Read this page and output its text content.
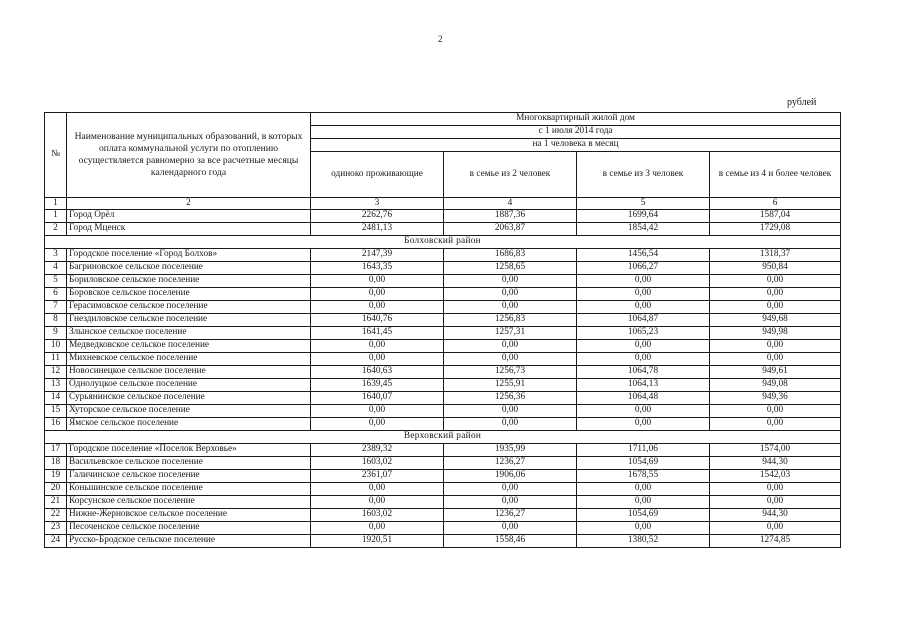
2
рублей
№	Наименование муниципальных образований, в которых оплата коммунальной услуги по отоплению осуществляется равномерно за все расчетные месяцы календарного года	Многоквартирный жилой дом			
		с 1 июля 2014 года			
		на 1 человека в месяц			
		одиноко проживающие	в семье из 2 человек	в семье из 3 человек	в семье из 4 и более человек
1	2	3	4	5	6
1	Город Орёл	2262,76	1887,36	1699,64	1587,04
2	Город Мценск	2481,13	2063,87	1854,42	1729,08
Болховский район					
3	Городское поселение «Город Болхов»	2147,39	1686,83	1456,54	1318,37
4	Багриновское сельское поселение	1643,35	1258,65	1066,27	950,84
5	Бориловское сельское поселение	0,00	0,00	0,00	0,00
6	Боровское сельское поселение	0,00	0,00	0,00	0,00
7	Герасимовское сельское поселение	0,00	0,00	0,00	0,00
8	Гнездиловское сельское поселение	1640,76	1256,83	1064,87	949,68
9	Злынское сельское поселение	1641,45	1257,31	1065,23	949,98
10	Медведковское сельское поселение	0,00	0,00	0,00	0,00
11	Михневское сельское поселение	0,00	0,00	0,00	0,00
12	Новосинецкое сельское поселение	1640,63	1256,73	1064,78	949,61
13	Однолуцкое сельское поселение	1639,45	1255,91	1064,13	949,08
14	Сурьянинское сельское поселение	1640,07	1256,36	1064,48	949,36
15	Хуторское сельское поселение	0,00	0,00	0,00	0,00
16	Ямское сельское поселение	0,00	0,00	0,00	0,00
Верховский район					
17	Городское поселение «Поселок Верховье»	2389,32	1935,99	1711,06	1574,00
18	Васильевское сельское поселение	1603,02	1236,27	1054,69	944,30
19	Галичинское сельское поселение	2361,07	1906,06	1678,55	1542,03
20	Коньшинское сельское поселение	0,00	0,00	0,00	0,00
21	Корсунское сельское поселение	0,00	0,00	0,00	0,00
22	Нижне-Жерновское сельское поселение	1603,02	1236,27	1054,69	944,30
23	Песоченское сельское поселение	0,00	0,00	0,00	0,00
24	Русско-Бродское сельское поселение	1920,51	1558,46	1380,52	1274,85
